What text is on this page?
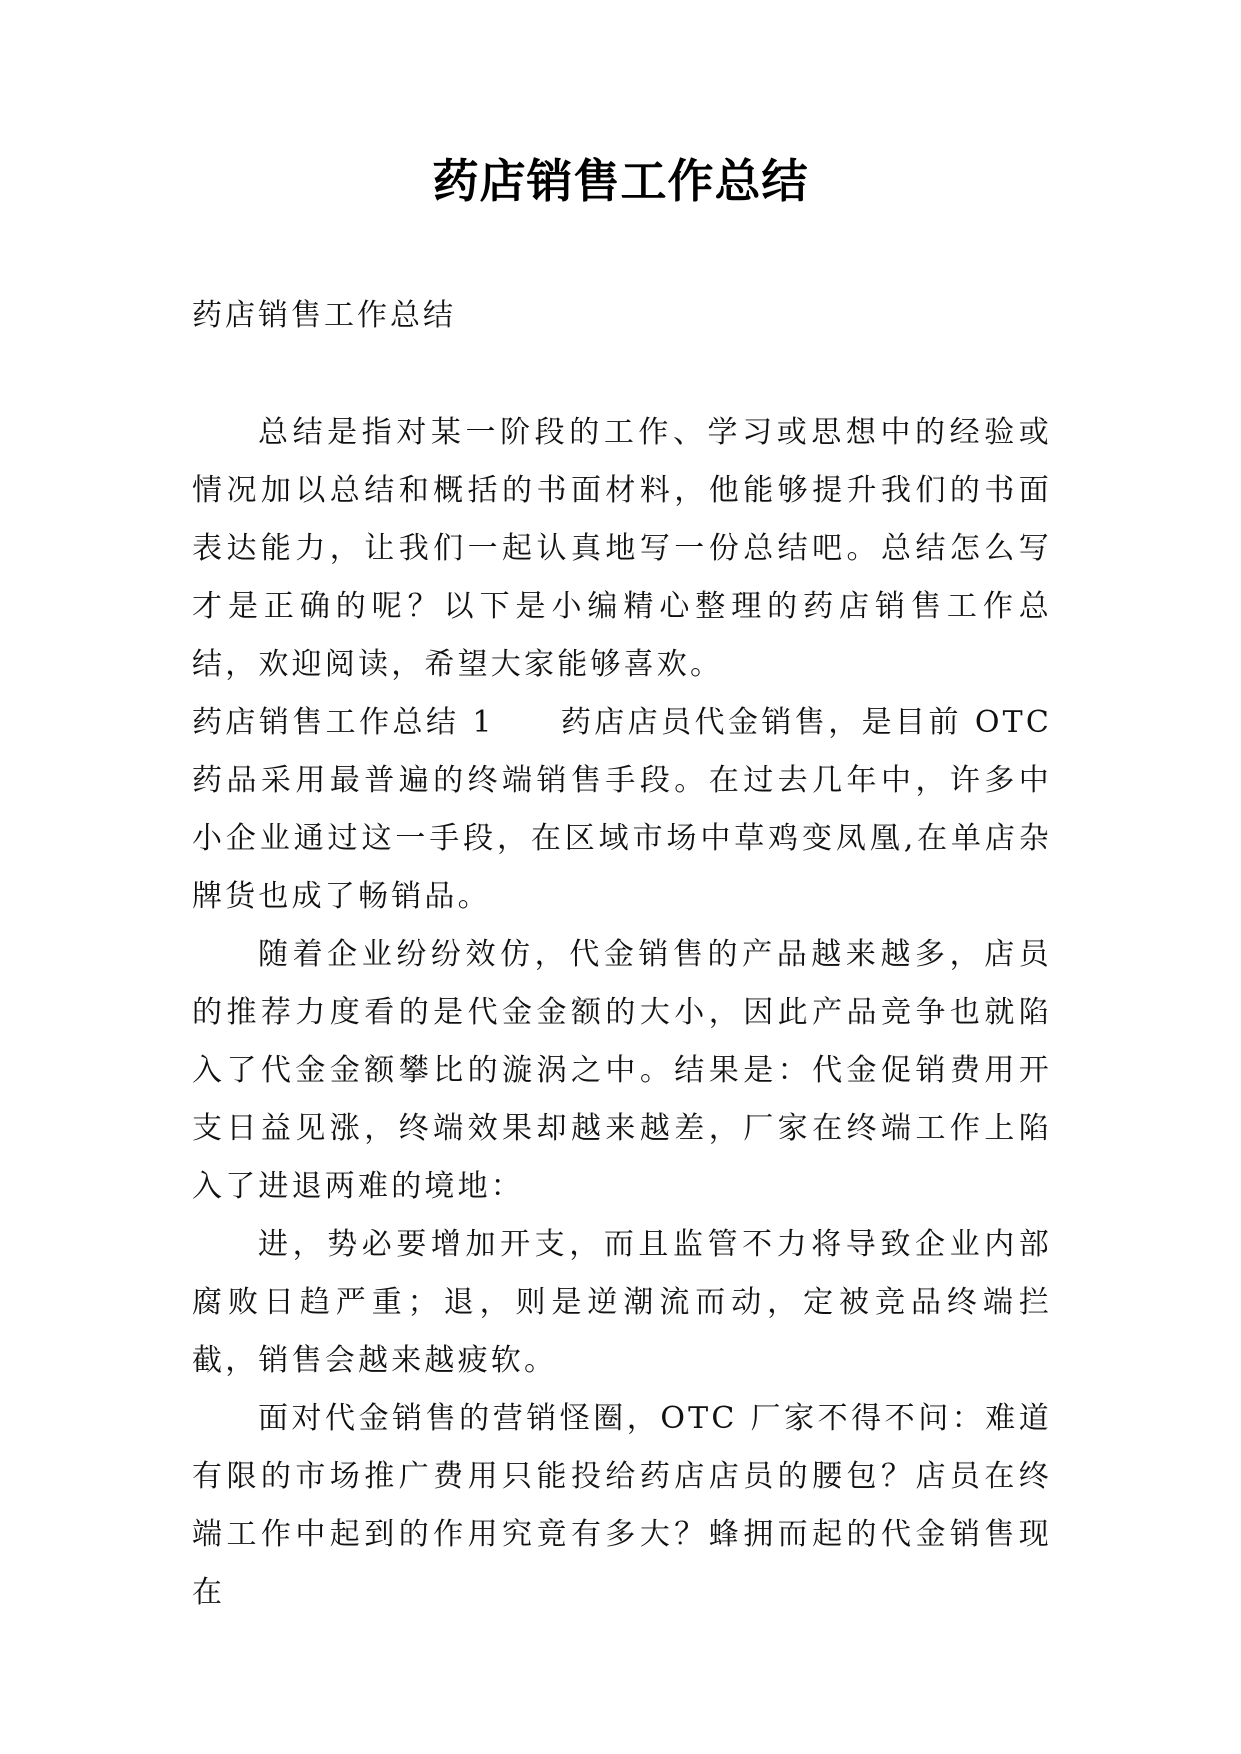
药店销售工作总结

药店销售工作总结

总结是指对某一阶段的工作、学习或思想中的经验或情况加以总结和概括的书面材料，他能够提升我们的书面表达能力，让我们一起认真地写一份总结吧。总结怎么写才是正确的呢？以下是小编精心整理的药店销售工作总结，欢迎阅读，希望大家能够喜欢。

药店销售工作总结 1 药店店员代金销售，是目前 OTC 药品采用最普遍的终端销售手段。在过去几年中，许多中小企业通过这一手段，在区域市场中草鸡变凤凰,在单店杂牌货也成了畅销品。

随着企业纷纷效仿，代金销售的产品越来越多，店员的推荐力度看的是代金金额的大小，因此产品竞争也就陷入了代金金额攀比的漩涡之中。结果是：代金促销费用开支日益见涨，终端效果却越来越差，厂家在终端工作上陷入了进退两难的境地：

进，势必要增加开支，而且监管不力将导致企业内部腐败日趋严重；退，则是逆潮流而动，定被竞品终端拦截，销售会越来越疲软。

面对代金销售的营销怪圈，OTC 厂家不得不问：难道有限的市场推广费用只能投给药店店员的腰包？店员在终端工作中起到的作用究竟有多大？蜂拥而起的代金销售现在
